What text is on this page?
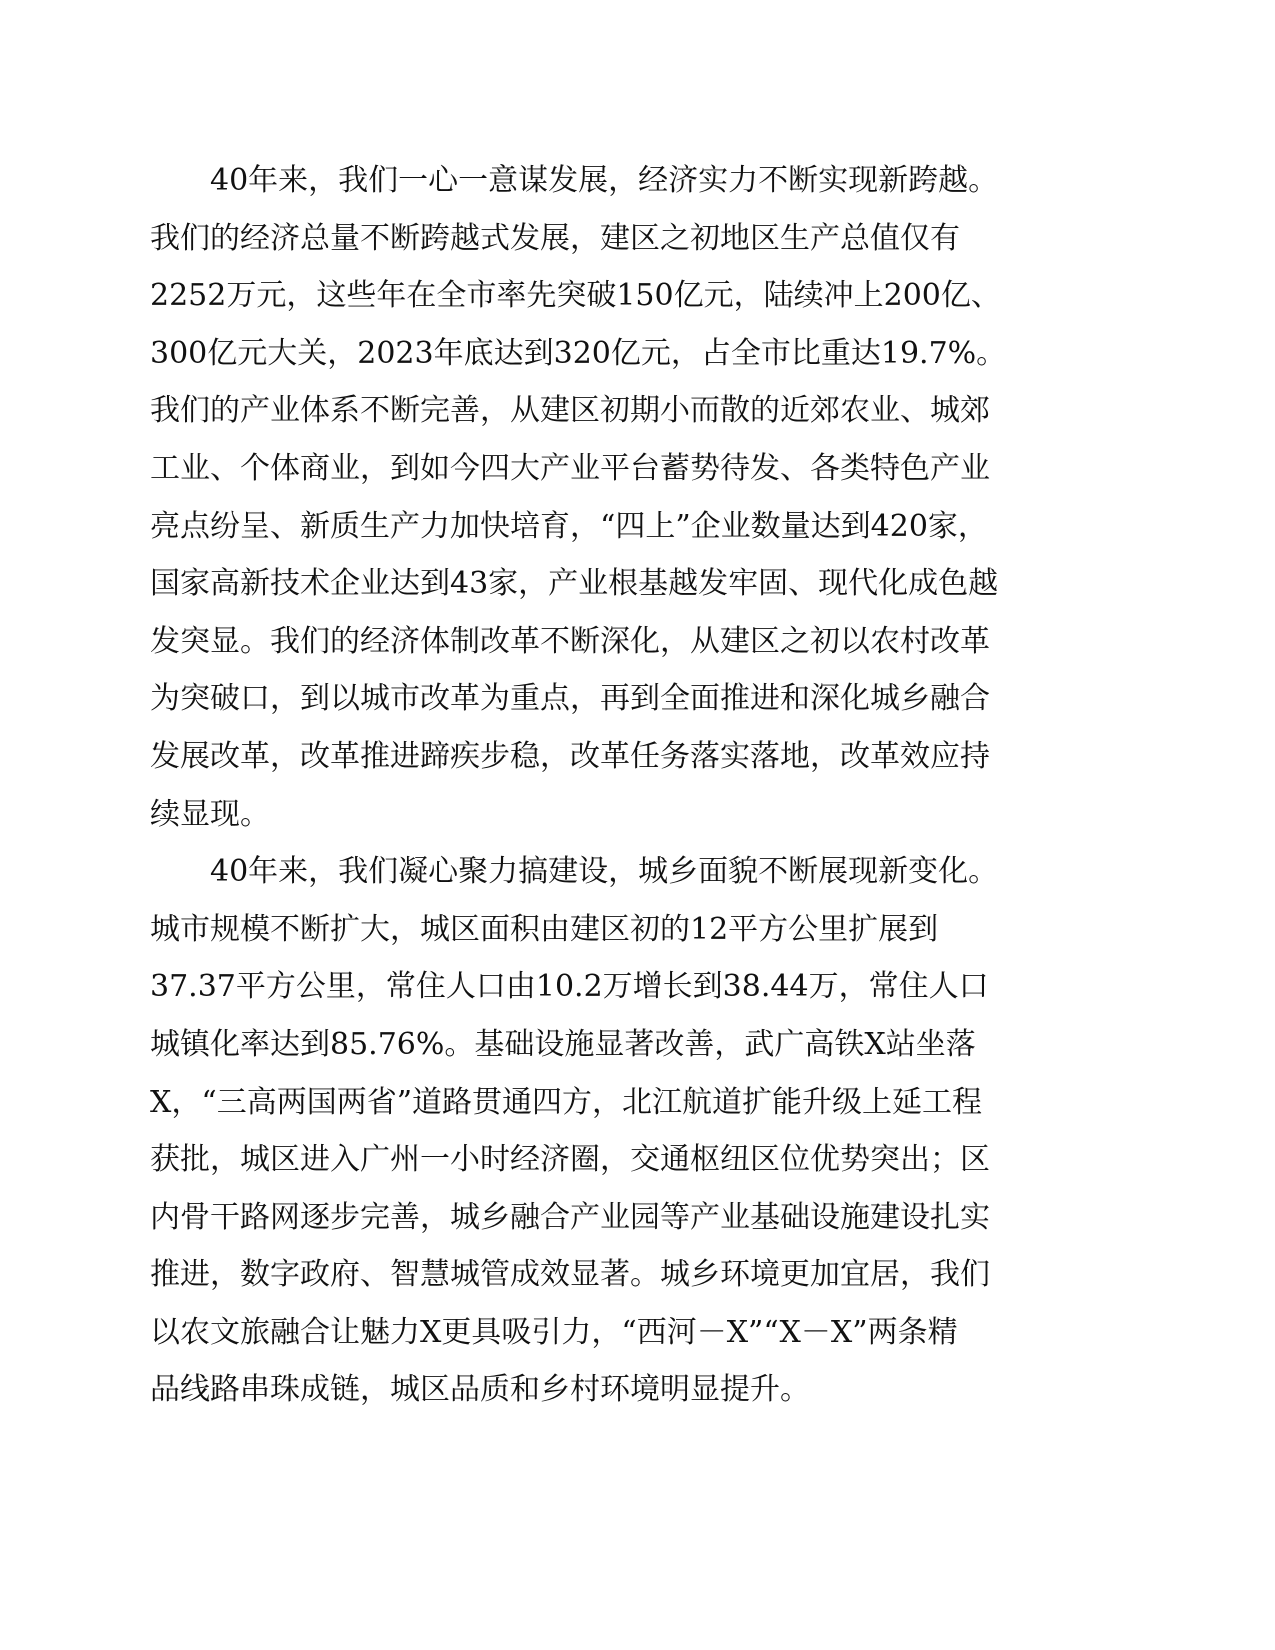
40年来，我们一心一意谋发展，经济实力不断实现新跨越。
我们的经济总量不断跨越式发展，建区之初地区生产总值仅有
2252万元，这些年在全市率先突破150亿元，陆续冲上200亿、
300亿元大关，2023年底达到320亿元，占全市比重达19.7%。
我们的产业体系不断完善，从建区初期小而散的近郊农业、城郊
工业、个体商业，到如今四大产业平台蓄势待发、各类特色产业
亮点纷呈、新质生产力加快培育，“四上”企业数量达到420家，
国家高新技术企业达到43家，产业根基越发牢固、现代化成色越
发突显。我们的经济体制改革不断深化，从建区之初以农村改革
为突破口，到以城市改革为重点，再到全面推进和深化城乡融合
发展改革，改革推进蹄疾步稳，改革任务落实落地，改革效应持
续显现。
40年来，我们凝心聚力搞建设，城乡面貌不断展现新变化。
城市规模不断扩大，城区面积由建区初的12平方公里扩展到
37.37平方公里，常住人口由10.2万增长到38.44万，常住人口
城镇化率达到85.76%。基础设施显著改善，武广高铁X站坐落
X，“三高两国两省”道路贯通四方，北江航道扩能升级上延工程
获批，城区进入广州一小时经济圈，交通枢纽区位优势突出；区
内骨干路网逐步完善，城乡融合产业园等产业基础设施建设扎实
推进，数字政府、智慧城管成效显著。城乡环境更加宜居，我们
以农文旅融合让魅力X更具吸引力，“西河－X”“X－X”两条精
品线路串珠成链，城区品质和乡村环境明显提升。
